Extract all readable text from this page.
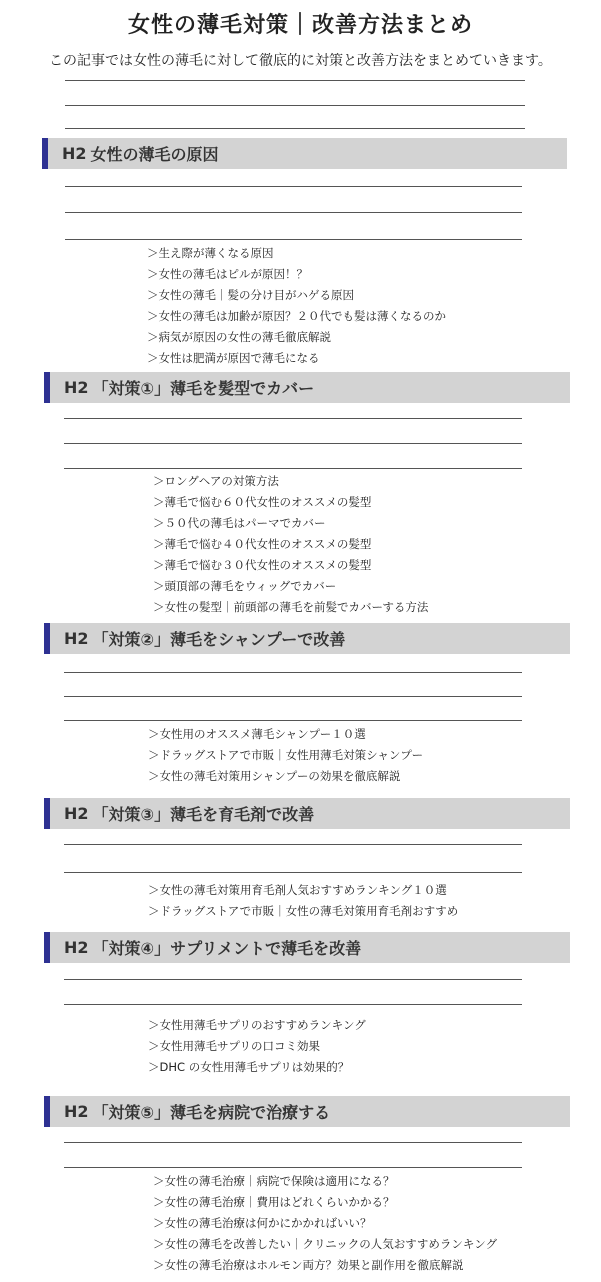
女性の薄毛対策｜改善方法まとめ

この記事では女性の薄毛に対して徹底的に対策と改善方法をまとめていきます。

H2 女性の薄毛の原因
＞生え際が薄くなる原因
＞女性の薄毛はピルが原因！？
＞女性の薄毛｜髪の分け目がハゲる原因
＞女性の薄毛は加齢が原因？２０代でも髪は薄くなるのか
＞病気が原因の女性の薄毛徹底解説
＞女性は肥満が原因で薄毛になる
H2 「対策①」薄毛を髪型でカバー
＞ロングヘアの対策方法
＞薄毛で悩む６０代女性のオススメの髪型
＞５０代の薄毛はパーマでカバー
＞薄毛で悩む４０代女性のオススメの髪型
＞薄毛で悩む３０代女性のオススメの髪型
＞頭頂部の薄毛をウィッグでカバー
＞女性の髪型｜前頭部の薄毛を前髪でカバーする方法
H2 「対策②」薄毛をシャンプーで改善
＞女性用のオススメ薄毛シャンプー１０選
＞ドラッグストアで市販｜女性用薄毛対策シャンプー
＞女性の薄毛対策用シャンプーの効果を徹底解説
H2 「対策③」薄毛を育毛剤で改善
＞女性の薄毛対策用育毛剤人気おすすめランキング１０選
＞ドラッグストアで市販｜女性の薄毛対策用育毛剤おすすめ
H2 「対策④」サプリメントで薄毛を改善
＞女性用薄毛サプリのおすすめランキング
＞女性用薄毛サプリの口コミ効果
＞DHC の女性用薄毛サプリは効果的？
H2 「対策⑤」薄毛を病院で治療する
＞女性の薄毛治療｜病院で保険は適用になる？
＞女性の薄毛治療｜費用はどれくらいかかる？
＞女性の薄毛治療は何かにかかればいい？
＞女性の薄毛を改善したい｜クリニックの人気おすすめランキング
＞女性の薄毛治療はホルモン両方？効果と副作用を徹底解説
